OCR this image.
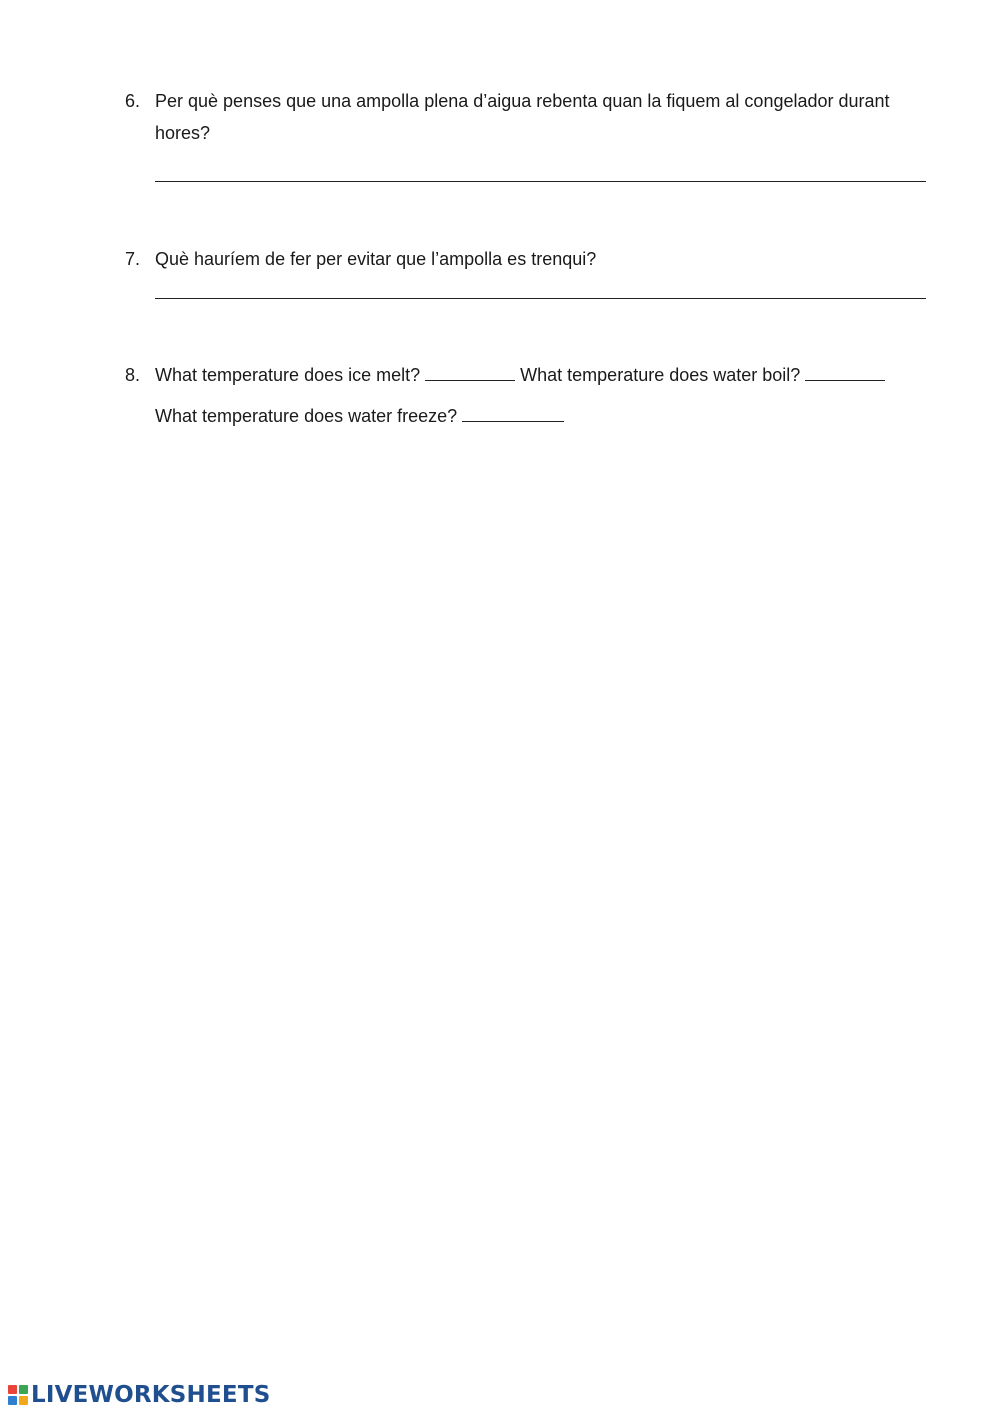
6. Per què penses que una ampolla plena d’aigua rebenta quan la fiquem al congelador durant
hores?
7. Què hauríem de fer per evitar que l’ampolla es trenqui?
8. What temperature does ice melt?	What temperature does water boil?
What temperature does water freeze?
LIVEWORKSHEETS
